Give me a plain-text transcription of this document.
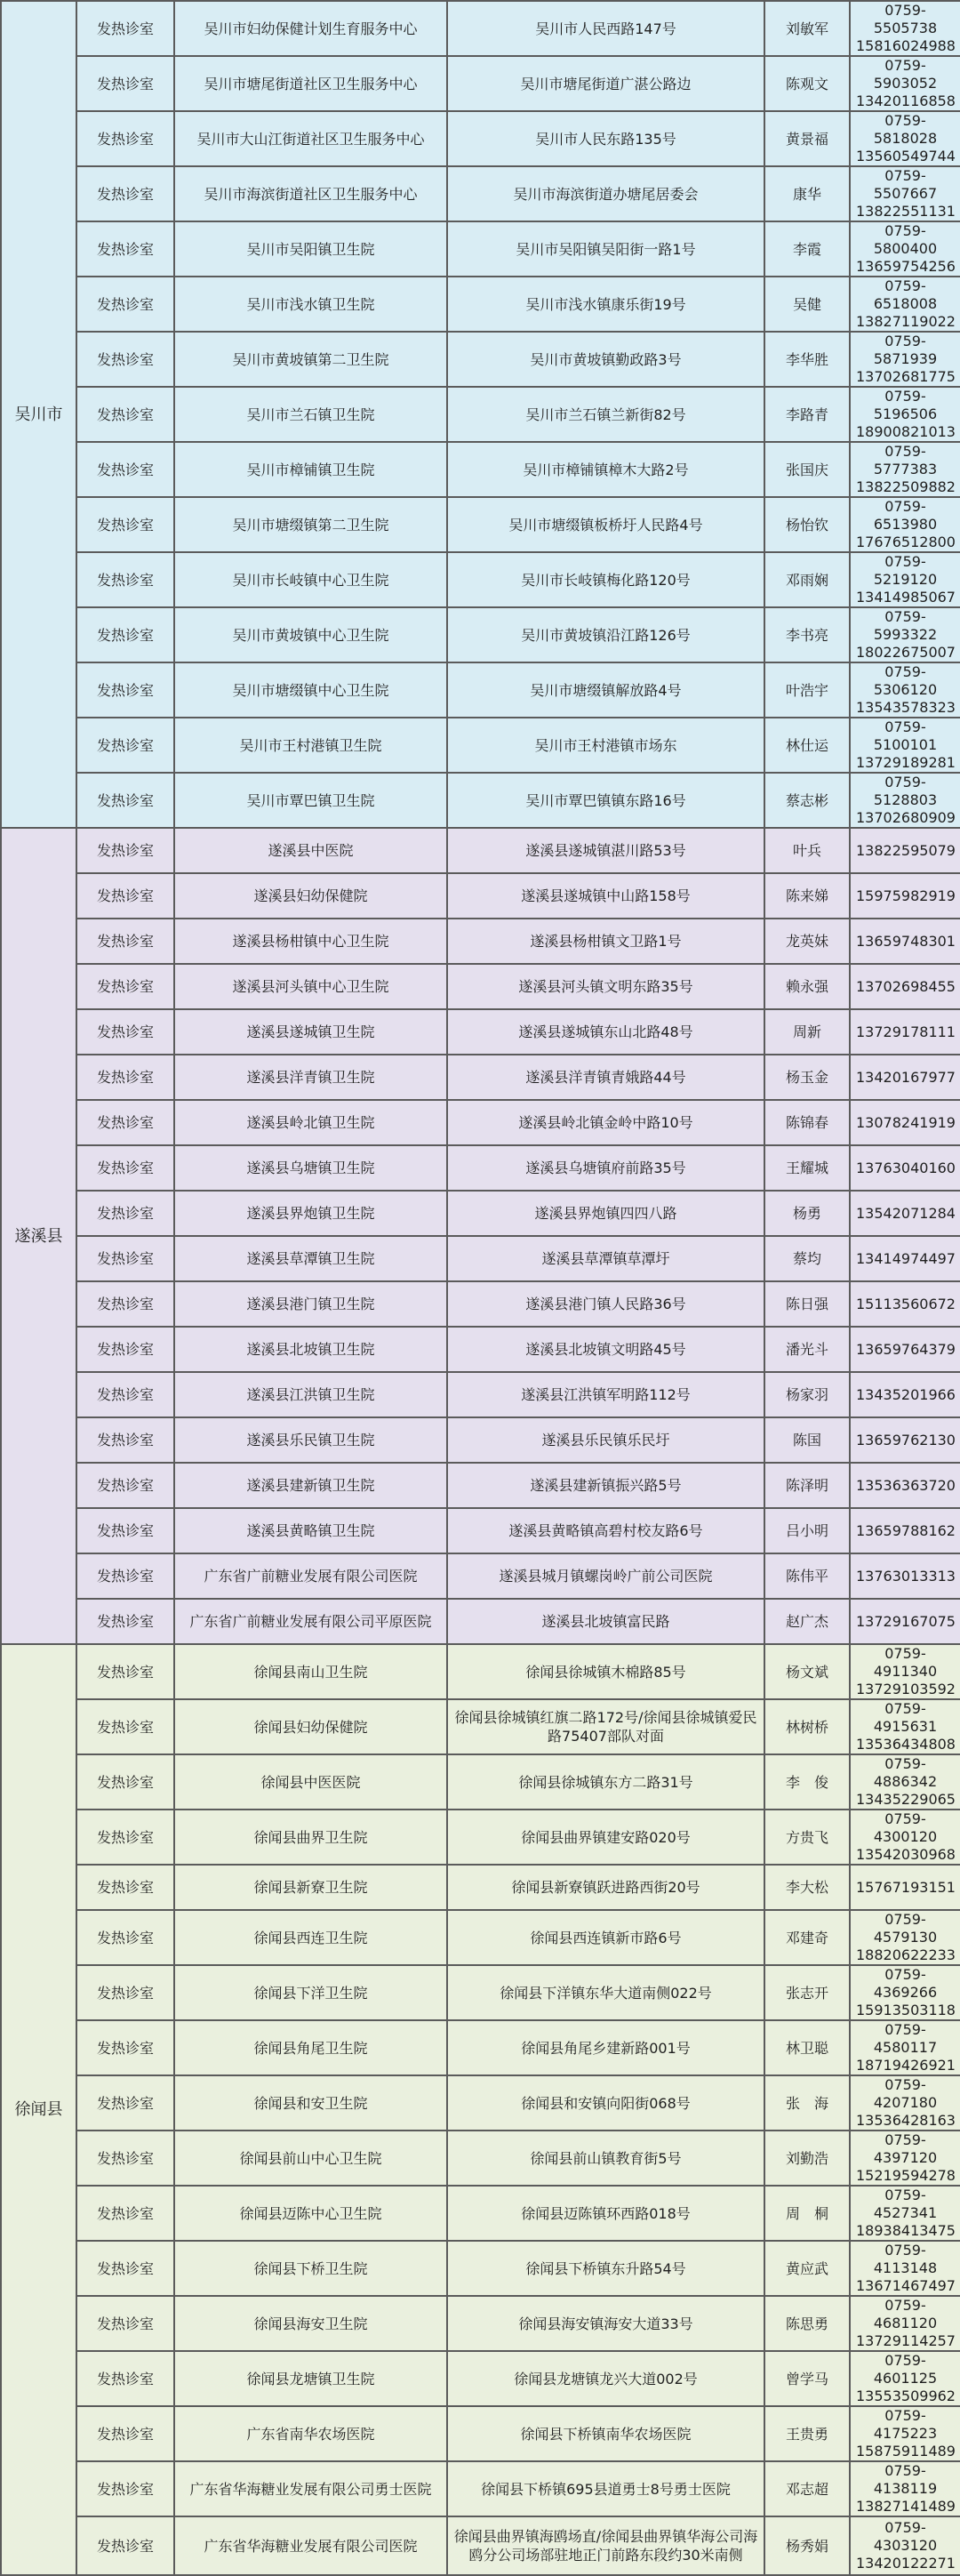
吴川市	发热诊室	吴川市妇幼保健计划生育服务中心	吴川市人民西路147号	刘敏军	0759-5505738
15816024988

	发热诊室	吴川市塘尾街道社区卫生服务中心	吴川市塘尾街道广湛公路边	陈观文	0759-5903052
13420116858

	发热诊室	吴川市大山江街道社区卫生服务中心	吴川市人民东路135号	黄景福	0759-5818028
13560549744

	发热诊室	吴川市海滨街道社区卫生服务中心	吴川市海滨街道办塘尾居委会	康华	0759-5507667
13822551131

	发热诊室	吴川市吴阳镇卫生院	吴川市吴阳镇吴阳街一路1号	李霞	0759-5800400
13659754256

	发热诊室	吴川市浅水镇卫生院	吴川市浅水镇康乐街19号	吴健	0759-6518008
13827119022

	发热诊室	吴川市黄坡镇第二卫生院	吴川市黄坡镇勤政路3号	李华胜	0759-5871939
13702681775

	发热诊室	吴川市兰石镇卫生院	吴川市兰石镇兰新街82号	李路青	0759-5196506
18900821013

	发热诊室	吴川市樟铺镇卫生院	吴川市樟铺镇樟木大路2号	张国庆	0759-5777383
13822509882

	发热诊室	吴川市塘缀镇第二卫生院	吴川市塘缀镇板桥圩人民路4号	杨怡钦	0759-6513980
17676512800

	发热诊室	吴川市长岐镇中心卫生院	吴川市长岐镇梅化路120号	邓雨娴	0759-5219120
13414985067

	发热诊室	吴川市黄坡镇中心卫生院	吴川市黄坡镇沿江路126号	李书亮	0759-5993322
18022675007

	发热诊室	吴川市塘缀镇中心卫生院	吴川市塘缀镇解放路4号	叶浩宇	0759-5306120
13543578323

	发热诊室	吴川市王村港镇卫生院	吴川市王村港镇市场东	林仕运	0759-5100101
13729189281

	发热诊室	吴川市覃巴镇卫生院	吴川市覃巴镇镇东路16号	蔡志彬	0759-5128803
13702680909

遂溪县	发热诊室	遂溪县中医院	遂溪县遂城镇湛川路53号	叶兵	13822595079

	发热诊室	遂溪县妇幼保健院	遂溪县遂城镇中山路158号	陈来娣	15975982919

	发热诊室	遂溪县杨柑镇中心卫生院	遂溪县杨柑镇文卫路1号	龙英妹	13659748301

	发热诊室	遂溪县河头镇中心卫生院	遂溪县河头镇文明东路35号	赖永强	13702698455

	发热诊室	遂溪县遂城镇卫生院	遂溪县遂城镇东山北路48号	周新	13729178111

	发热诊室	遂溪县洋青镇卫生院	遂溪县洋青镇青娥路44号	杨玉金	13420167977

	发热诊室	遂溪县岭北镇卫生院	遂溪县岭北镇金岭中路10号	陈锦春	13078241919

	发热诊室	遂溪县乌塘镇卫生院	遂溪县乌塘镇府前路35号	王耀城	13763040160

	发热诊室	遂溪县界炮镇卫生院	遂溪县界炮镇四四八路	杨勇	13542071284

	发热诊室	遂溪县草潭镇卫生院	遂溪县草潭镇草潭圩	蔡均	13414974497

	发热诊室	遂溪县港门镇卫生院	遂溪县港门镇人民路36号	陈日强	15113560672

	发热诊室	遂溪县北坡镇卫生院	遂溪县北坡镇文明路45号	潘光斗	13659764379

	发热诊室	遂溪县江洪镇卫生院	遂溪县江洪镇军明路112号	杨家羽	13435201966

	发热诊室	遂溪县乐民镇卫生院	遂溪县乐民镇乐民圩	陈国	13659762130

	发热诊室	遂溪县建新镇卫生院	遂溪县建新镇振兴路5号	陈泽明	13536363720

	发热诊室	遂溪县黄略镇卫生院	遂溪县黄略镇高碧村校友路6号	吕小明	13659788162

	发热诊室	广东省广前糖业发展有限公司医院	遂溪县城月镇螺岗岭广前公司医院	陈伟平	13763013313

	发热诊室	广东省广前糖业发展有限公司平原医院	遂溪县北坡镇富民路	赵广杰	13729167075

徐闻县	发热诊室	徐闻县南山卫生院	徐闻县徐城镇木棉路85号	杨文斌	0759-4911340
13729103592

	发热诊室	徐闻县妇幼保健院	徐闻县徐城镇红旗二路172号/徐闻县徐城镇爱民路75407部队对面	林树桥	0759-4915631
13536434808

	发热诊室	徐闻县中医医院	徐闻县徐城镇东方二路31号	李　俊	0759-4886342
13435229065

	发热诊室	徐闻县曲界卫生院	徐闻县曲界镇建安路020号	方贵飞	0759-4300120
13542030968

	发热诊室	徐闻县新寮卫生院	徐闻县新寮镇跃进路西街20号	李大松	15767193151

	发热诊室	徐闻县西连卫生院	徐闻县西连镇新市路6号	邓建奇	0759-4579130
18820622233

	发热诊室	徐闻县下洋卫生院	徐闻县下洋镇东华大道南侧022号	张志开	0759-4369266
15913503118

	发热诊室	徐闻县角尾卫生院	徐闻县角尾乡建新路001号	林卫聪	0759-4580117
18719426921

	发热诊室	徐闻县和安卫生院	徐闻县和安镇向阳街068号	张　海	0759-4207180
13536428163

	发热诊室	徐闻县前山中心卫生院	徐闻县前山镇教育街5号	刘勤浩	0759-4397120
15219594278

	发热诊室	徐闻县迈陈中心卫生院	徐闻县迈陈镇环西路018号	周　桐	0759-4527341
18938413475

	发热诊室	徐闻县下桥卫生院	徐闻县下桥镇东升路54号	黄应武	0759-4113148
13671467497

	发热诊室	徐闻县海安卫生院	徐闻县海安镇海安大道33号	陈思勇	0759-4681120
13729114257

	发热诊室	徐闻县龙塘镇卫生院	徐闻县龙塘镇龙兴大道002号	曾学马	0759-4601125
13553509962

	发热诊室	广东省南华农场医院	徐闻县下桥镇南华农场医院	王贵勇	0759-4175223
15875911489

	发热诊室	广东省华海糖业发展有限公司勇士医院	徐闻县下桥镇695县道勇士8号勇士医院	邓志超	0759-4138119
13827141489

	发热诊室	广东省华海糖业发展有限公司医院	徐闻县曲界镇海鸥场直/徐闻县曲界镇华海公司海鸥分公司场部驻地正门前路东段约30米南侧	杨秀娟	0759-4303120
13420122271
